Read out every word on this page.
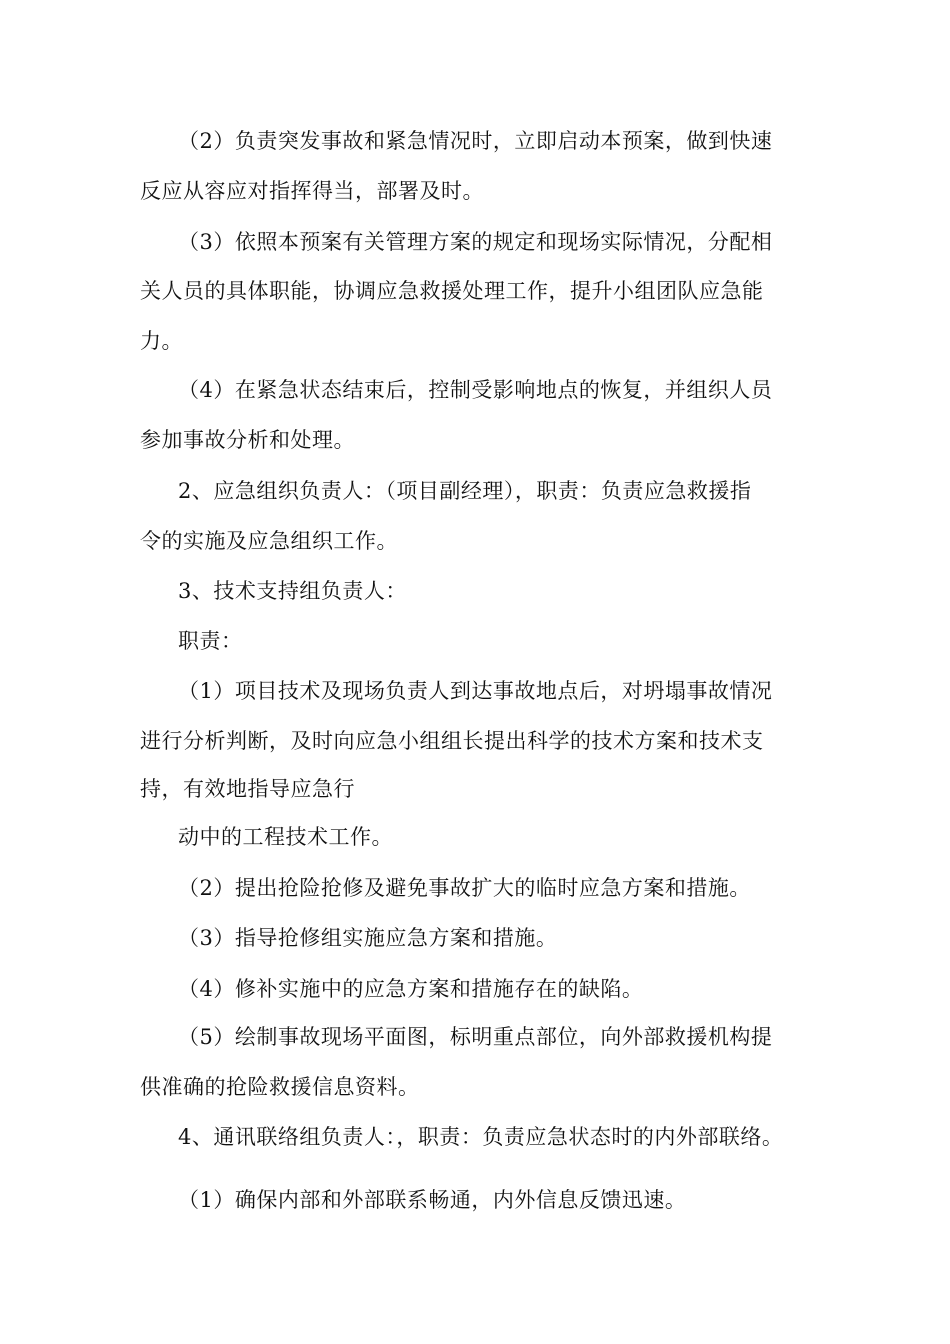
（2）负责突发事故和紧急情况时，立即启动本预案，做到快速
反应从容应对指挥得当，部署及时。
（3）依照本预案有关管理方案的规定和现场实际情况，分配相
关人员的具体职能，协调应急救援处理工作，提升小组团队应急能
力。
（4）在紧急状态结束后，控制受影响地点的恢复，并组织人员
参加事故分析和处理。
2、应急组织负责人：（项目副经理），职责：负责应急救援指
令的实施及应急组织工作。
3、技术支持组负责人：
职责：
（1）项目技术及现场负责人到达事故地点后，对坍塌事故情况
进行分析判断，及时向应急小组组长提出科学的技术方案和技术支
持，有效地指导应急行
动中的工程技术工作。
（2）提出抢险抢修及避免事故扩大的临时应急方案和措施。
（3）指导抢修组实施应急方案和措施。
（4）修补实施中的应急方案和措施存在的缺陷。
（5）绘制事故现场平面图，标明重点部位，向外部救援机构提
供准确的抢险救援信息资料。
4、通讯联络组负责人：，职责：负责应急状态时的内外部联络。
（1）确保内部和外部联系畅通，内外信息反馈迅速。
